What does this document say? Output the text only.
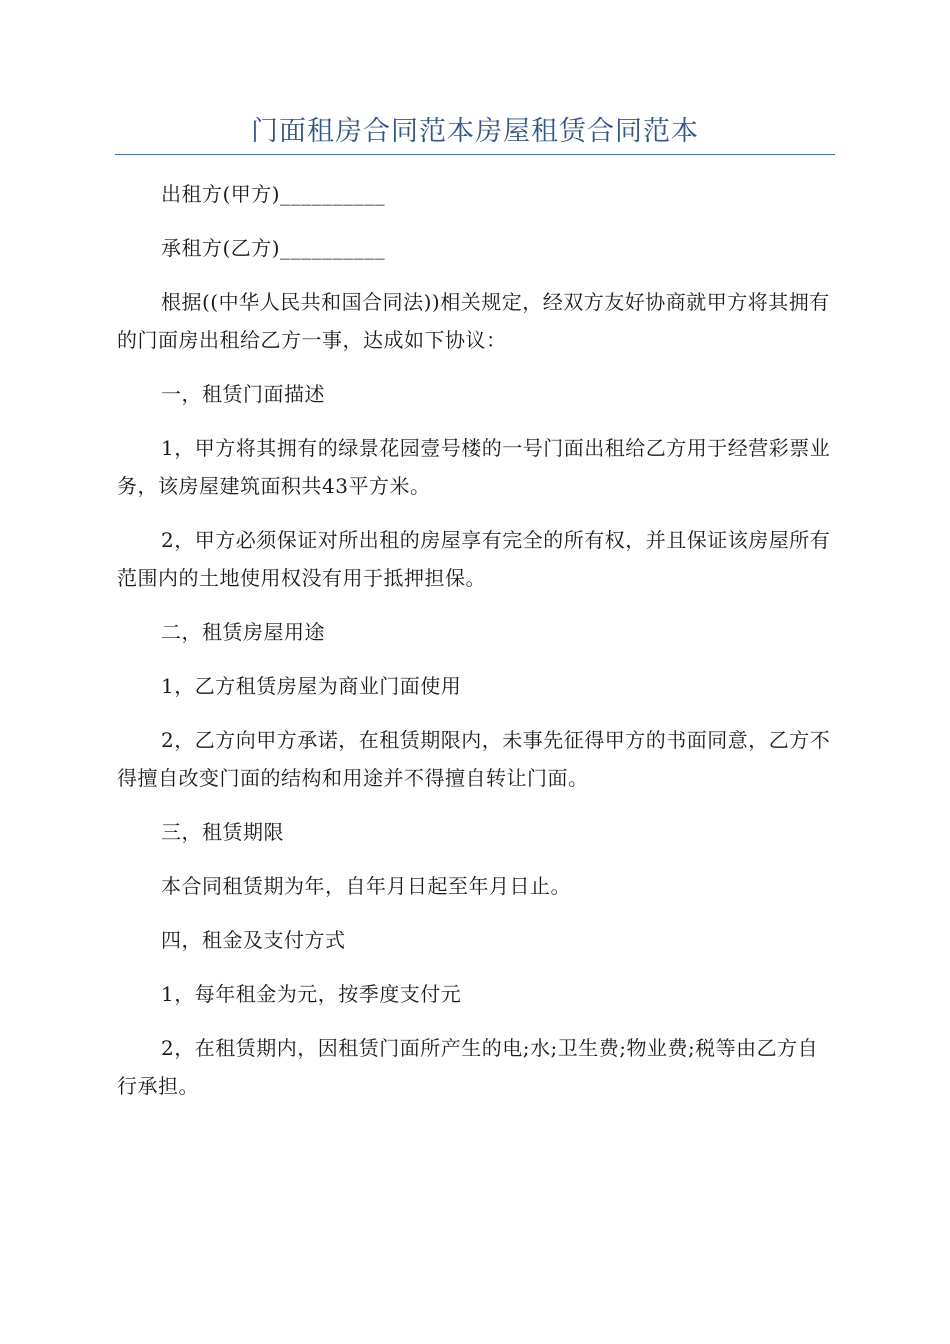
门面租房合同范本房屋租赁合同范本

出租方(甲方)__________

承租方(乙方)__________

根据((中华人民共和国合同法))相关规定，经双方友好协商就甲方将其拥有的门面房出租给乙方一事，达成如下协议：

一，租赁门面描述

1，甲方将其拥有的绿景花园壹号楼的一号门面出租给乙方用于经营彩票业务，该房屋建筑面积共43平方米。

2，甲方必须保证对所出租的房屋享有完全的所有权，并且保证该房屋所有范围内的土地使用权没有用于抵押担保。

二，租赁房屋用途

1，乙方租赁房屋为商业门面使用

2，乙方向甲方承诺，在租赁期限内，未事先征得甲方的书面同意，乙方不得擅自改变门面的结构和用途并不得擅自转让门面。

三，租赁期限

本合同租赁期为年，自年月日起至年月日止。

四，租金及支付方式

1，每年租金为元，按季度支付元

2，在租赁期内，因租赁门面所产生的电;水;卫生费;物业费;税等由乙方自行承担。
